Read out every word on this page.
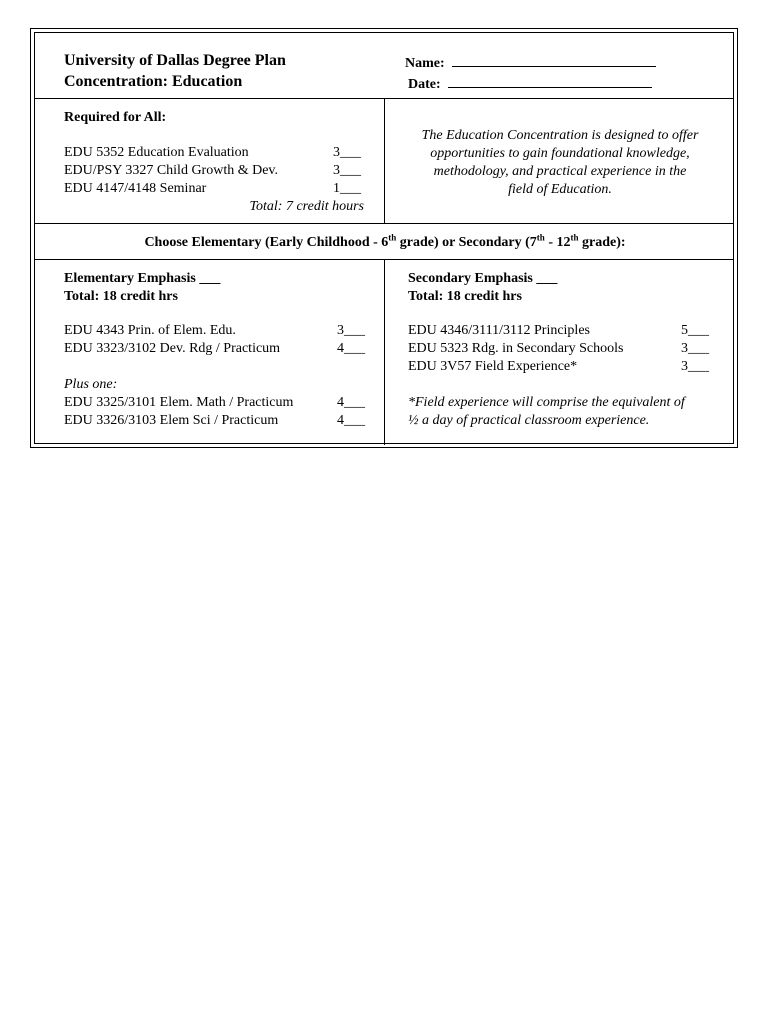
University of Dallas Degree Plan
Concentration: Education
Name:
Date:
Required for All:
EDU 5352 Education Evaluation	3___
EDU/PSY 3327 Child Growth & Dev.	3___
EDU 4147/4148 Seminar	1___
Total: 7 credit hours
The Education Concentration is designed to offer
opportunities to gain foundational knowledge,
methodology, and practical experience in the
field of Education.
Choose Elementary (Early Childhood - 6th grade) or Secondary (7th - 12th grade):
Elementary Emphasis ___
Total: 18 credit hrs
EDU 4343 Prin. of Elem. Edu.	3___
EDU 3323/3102 Dev. Rdg / Practicum	4___
Plus one:
EDU 3325/3101 Elem. Math / Practicum	4___
EDU 3326/3103 Elem Sci / Practicum	4___
Secondary Emphasis ___
Total: 18 credit hrs
EDU 4346/3111/3112 Principles	5___
EDU 5323 Rdg. in Secondary Schools	3___
EDU 3V57 Field Experience*	3___
*Field experience will comprise the equivalent of
½ a day of practical classroom experience.
